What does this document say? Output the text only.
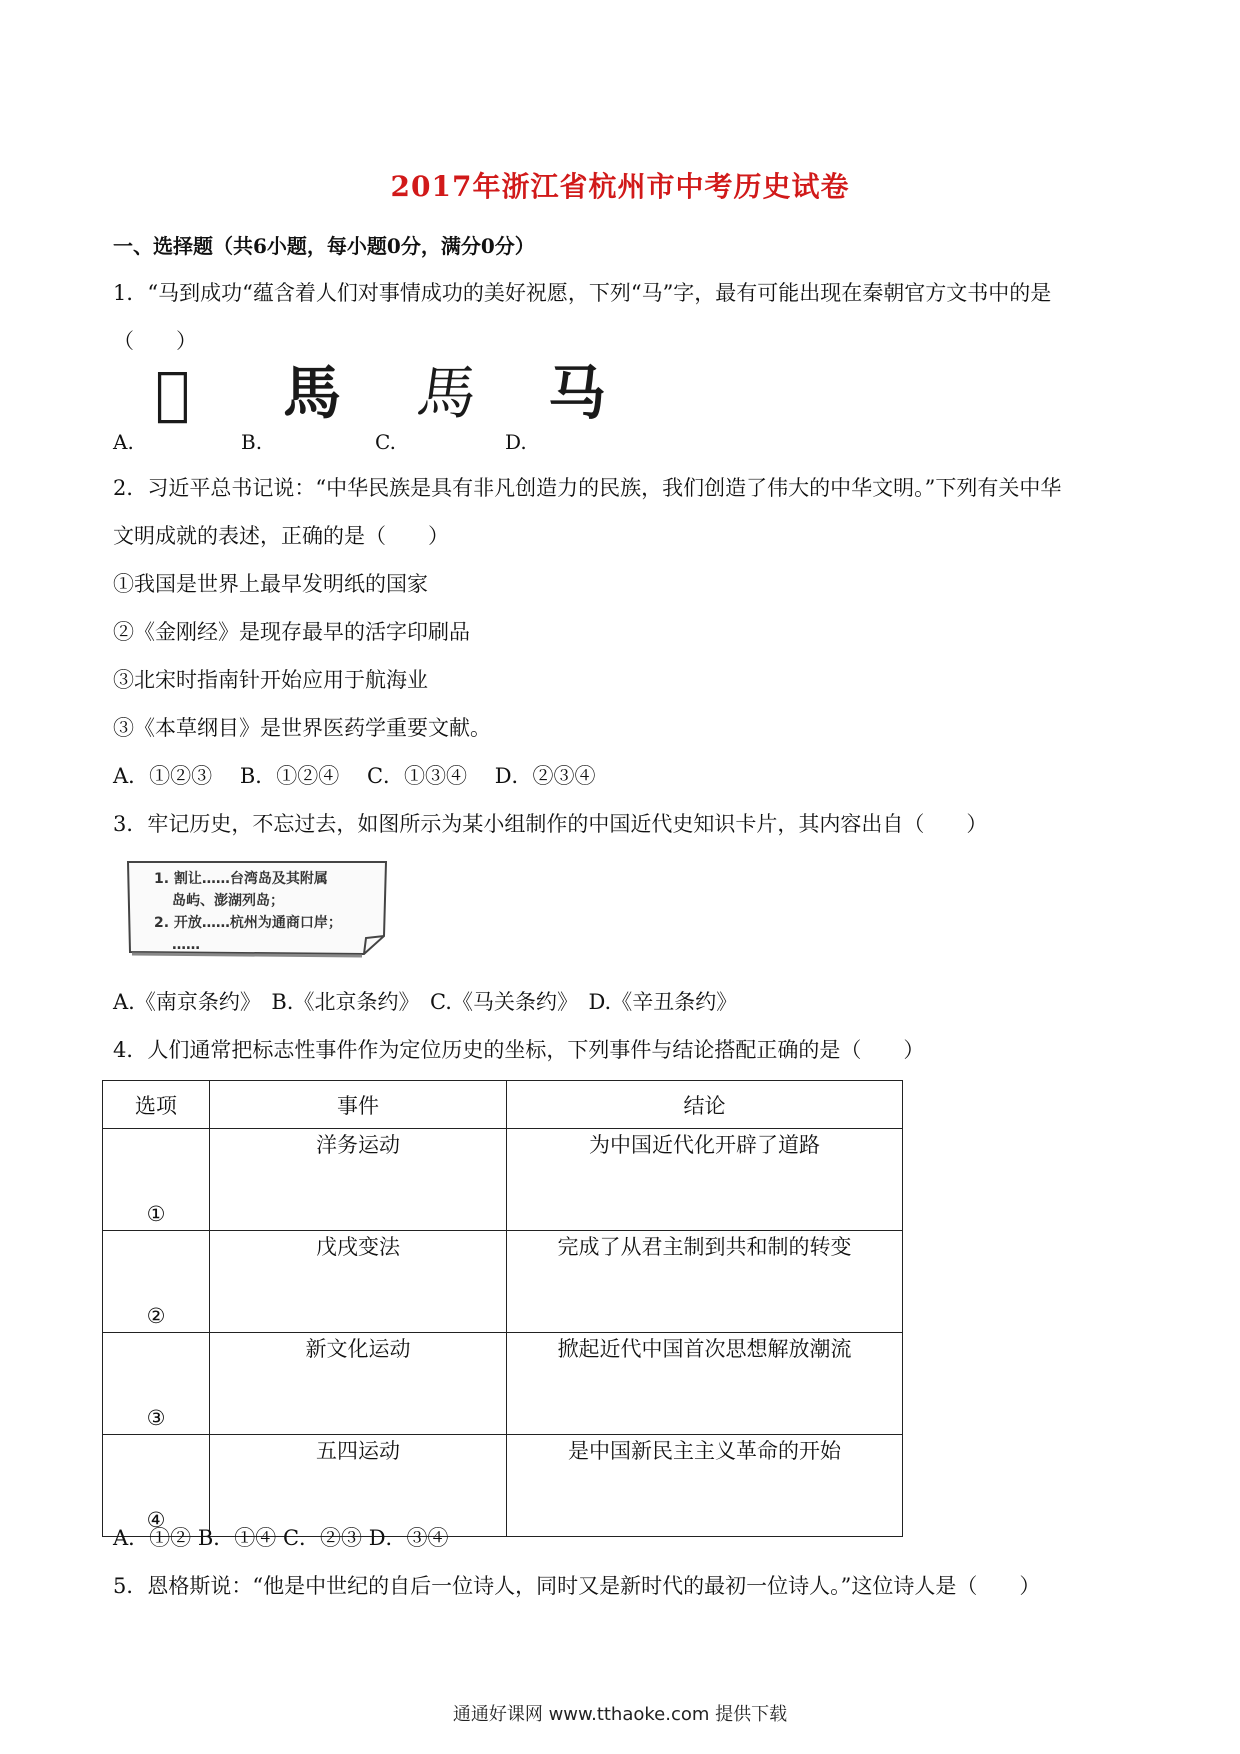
2017年浙江省杭州市中考历史试卷
一、选择题（共6小题，每小题0分，满分0分）
1．“马到成功“蕴含着人们对事情成功的美好祝愿，下列“马”字，最有可能出现在秦朝官方文书中的是
（　　）
𢑴 馬 馬 马
A.	B.	C.	D.
2．习近平总书记说：“中华民族是具有非凡创造力的民族，我们创造了伟大的中华文明。”下列有关中华
文明成就的表述，正确的是（　　）
①我国是世界上最早发明纸的国家
②《金刚经》是现存最早的活字印刷品
③北宋时指南针开始应用于航海业
③《本草纲目》是世界医药学重要文献。
A．①②③　 B．①②④　 C．①③④　 D．②③④
3．牢记历史，不忘过去，如图所示为某小组制作的中国近代史知识卡片，其内容出自（　　）
1. 割让……台湾岛及其附属
岛屿、澎湖列岛；
2. 开放……杭州为通商口岸；
……
A.《南京条约》　B.《北京条约》　C.《马关条约》　D.《辛丑条约》
4．人们通常把标志性事件作为定位历史的坐标，下列事件与结论搭配正确的是（　　）
选项	事件	结论
①	洋务运动	为中国近代化开辟了道路
②	戊戌变法	完成了从君主制到共和制的转变
③	新文化运动	掀起近代中国首次思想解放潮流
④	五四运动	是中国新民主主义革命的开始
A．①② B．①④ C．②③ D．③④
5．恩格斯说：“他是中世纪的自后一位诗人，同时又是新时代的最初一位诗人。”这位诗人是（　　）
通通好课网 www.tthaoke.com 提供下载
